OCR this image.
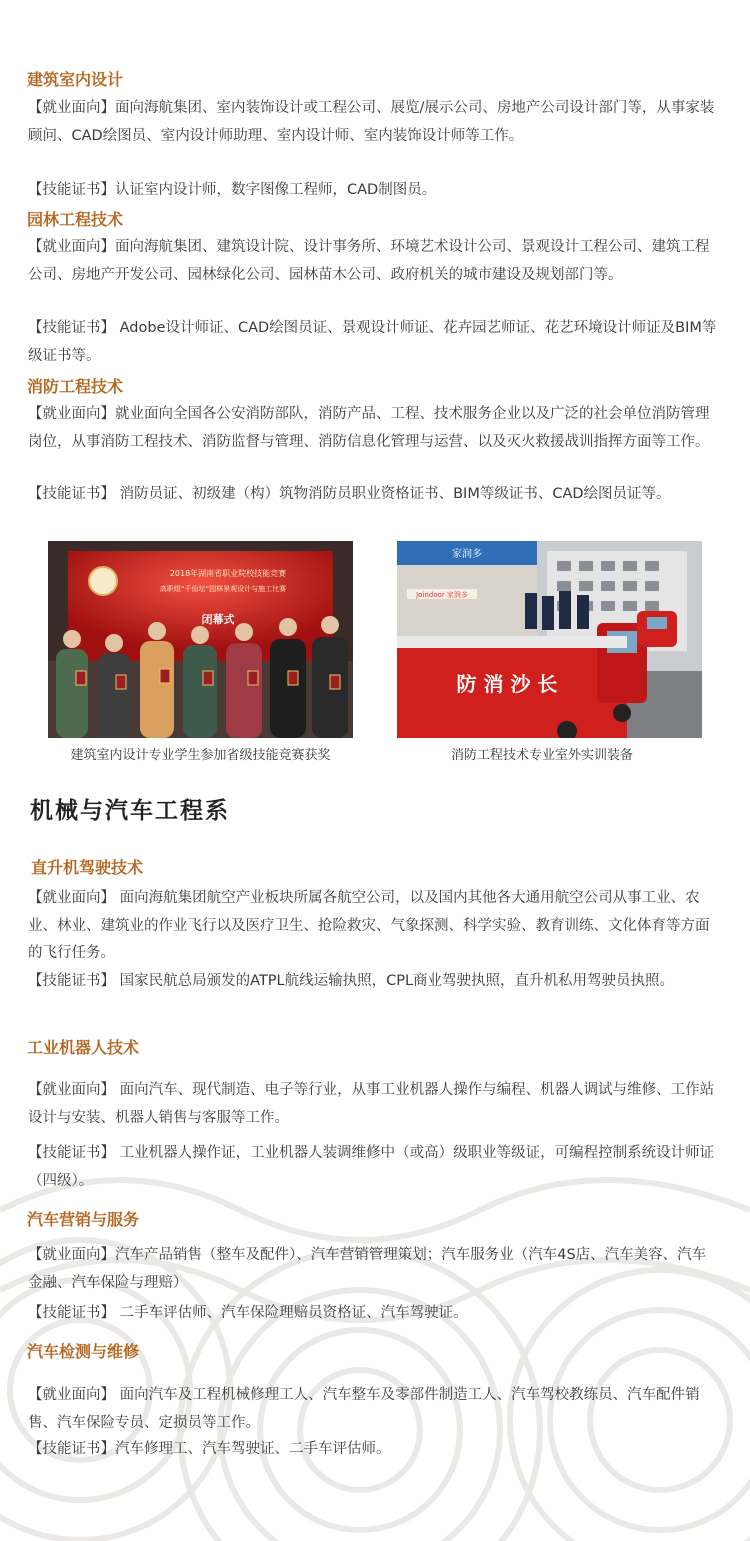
建筑室内设计

【就业面向】面向海航集团、室内装饰设计或工程公司、展览/展示公司、房地产公司设计部门等，从事家装顾问、CAD绘图员、室内设计师助理、室内设计师、室内装饰设计师等工作。

【技能证书】认证室内设计师，数字图像工程师，CAD制图员。

园林工程技术

【就业面向】面向海航集团、建筑设计院、设计事务所、环境艺术设计公司、景观设计工程公司、建筑工程公司、房地产开发公司、园林绿化公司、园林苗木公司、政府机关的城市建设及规划部门等。

【技能证书】 Adobe设计师证、CAD绘图员证、景观设计师证、花卉园艺师证、花艺环境设计师证及BIM等级证书等。

消防工程技术

【就业面向】就业面向全国各公安消防部队，消防产品、工程、技术服务企业以及广泛的社会单位消防管理岗位，从事消防工程技术、消防监督与管理、消防信息化管理与运营、以及灭火救援战训指挥方面等工作。

【技能证书】 消防员证、初级建（构）筑物消防员职业资格证书、BIM等级证书、CAD绘图员证等。

2018年湖南省职业院校技能竞赛
高职组“千仙坛”园林景观设计与施工比赛
闭幕式
建筑室内设计专业学生参加省级技能竞赛获奖
家润多
Joindoor 家润多
防 消 沙 长
消防工程技术专业室外实训装备
机械与汽车工程系
直升机驾驶技术

【就业面向】 面向海航集团航空产业板块所属各航空公司，以及国内其他各大通用航空公司从事工业、农业、林业、建筑业的作业飞行以及医疗卫生、抢险救灾、气象探测、科学实验、教育训练、文化体育等方面的飞行任务。

【技能证书】 国家民航总局颁发的ATPL航线运输执照，CPL商业驾驶执照，直升机私用驾驶员执照。

工业机器人技术

【就业面向】 面向汽车、现代制造、电子等行业，从事工业机器人操作与编程、机器人调试与维修、工作站设计与安装、机器人销售与客服等工作。

【技能证书】 工业机器人操作证，工业机器人装调维修中（或高）级职业等级证，可编程控制系统设计师证（四级）。

汽车营销与服务

【就业面向】汽车产品销售（整车及配件）、汽车营销管理策划；汽车服务业（汽车4S店、汽车美容、汽车金融、汽车保险与理赔）

【技能证书】 二手车评估师、汽车保险理赔员资格证、汽车驾驶证。

汽车检测与维修

【就业面向】 面向汽车及工程机械修理工人、汽车整车及零部件制造工人、汽车驾校教练员、汽车配件销售、汽车保险专员、定损员等工作。

【技能证书】汽车修理工、汽车驾驶证、二手车评估师。
